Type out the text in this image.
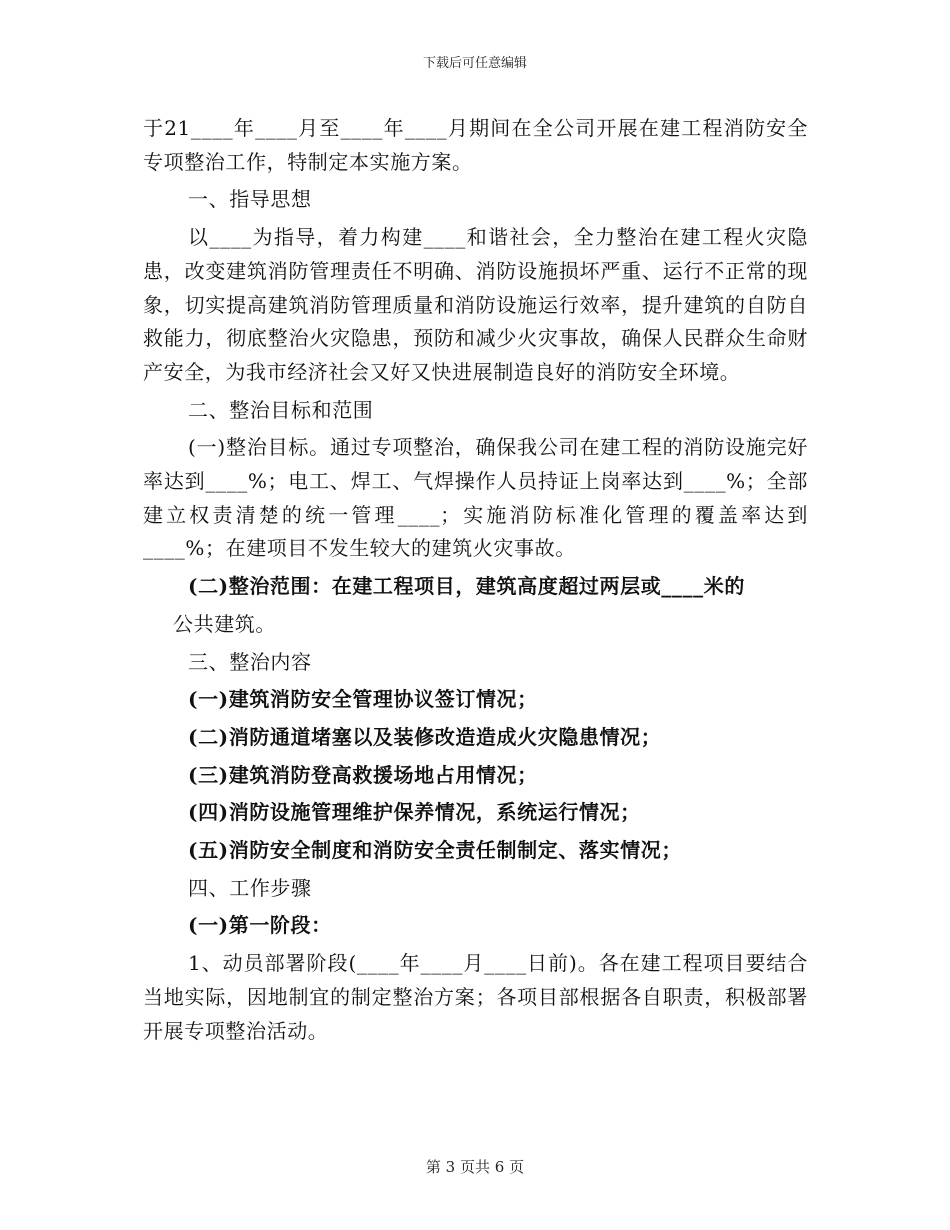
下载后可任意编辑

于21____年____月至____年____月期间在全公司开展在建工程消防安全专项整治工作，特制定本实施方案。

一、指导思想

以____为指导，着力构建____和谐社会，全力整治在建工程火灾隐患，改变建筑消防管理责任不明确、消防设施损坏严重、运行不正常的现象，切实提高建筑消防管理质量和消防设施运行效率，提升建筑的自防自救能力，彻底整治火灾隐患，预防和减少火灾事故，确保人民群众生命财产安全，为我市经济社会又好又快进展制造良好的消防安全环境。

二、整治目标和范围

(一)整治目标。通过专项整治，确保我公司在建工程的消防设施完好率达到____%；电工、焊工、气焊操作人员持证上岗率达到____%；全部建立权责清楚的统一管理____；实施消防标准化管理的覆盖率达到____%；在建项目不发生较大的建筑火灾事故。

(二)整治范围：在建工程项目，建筑高度超过两层或____米的

公共建筑。

三、整治内容

(一)建筑消防安全管理协议签订情况；

(二)消防通道堵塞以及装修改造造成火灾隐患情况；

(三)建筑消防登高救援场地占用情况；

(四)消防设施管理维护保养情况，系统运行情况；

(五)消防安全制度和消防安全责任制制定、落实情况；

四、工作步骤

(一)第一阶段：

1、动员部署阶段(____年____月____日前)。各在建工程项目要结合当地实际，因地制宜的制定整治方案；各项目部根据各自职责，积极部署开展专项整治活动。

第 3 页共 6 页
